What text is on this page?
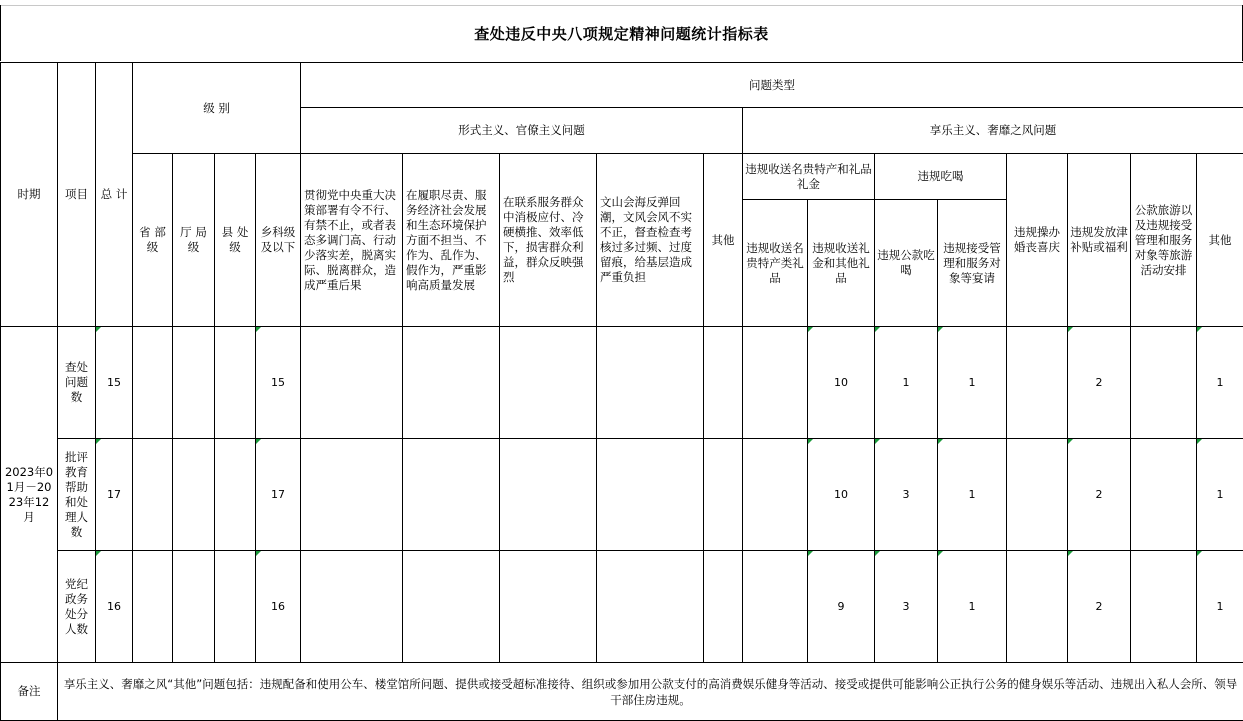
查处违反中央八项规定精神问题统计指标表
时期	项目	总 计	级 别				问题类型												
							形式主义、官僚主义问题					享乐主义、奢靡之风问题							
			省 部级	厅 局级	县 处级	乡科级及以下	贯彻党中央重大决策部署有令不行、有禁不止，或者表态多调门高、行动少落实差，脱离实际、脱离群众，造成严重后果	在履职尽责、服务经济社会发展和生态环境保护方面不担当、不作为、乱作为、假作为，严重影响高质量发展	在联系服务群众中消极应付、冷硬横推、效率低下，损害群众利益，群众反映强烈	文山会海反弹回潮，文风会风不实不正，督查检查考核过多过频、过度留痕，给基层造成严重负担	其他	违规收送名贵特产和礼品礼金		违规吃喝		违规操办婚丧喜庆	违规发放津补贴或福利	公款旅游以及违规接受管理和服务对象等旅游活动安排	其他
												违规收送名贵特产类礼品	违规收送礼金和其他礼品	违规公款吃喝	违规接受管理和服务对象等宴请				
2023年01月－2023年12月	查处问题数	15				15							10	1	1		2		1
	批评教育帮助和处理人数	17				17							10	3	1		2		1
	党纪政务处分人数	16				16							9	3	1		2		1
备注	享乐主义、奢靡之风“其他”问题包括：违规配备和使用公车、楼堂馆所问题、提供或接受超标准接待、组织或参加用公款支付的高消费娱乐健身等活动、接受或提供可能影响公正执行公务的健身娱乐等活动、违规出入私人会所、领导干部住房违规。																		
